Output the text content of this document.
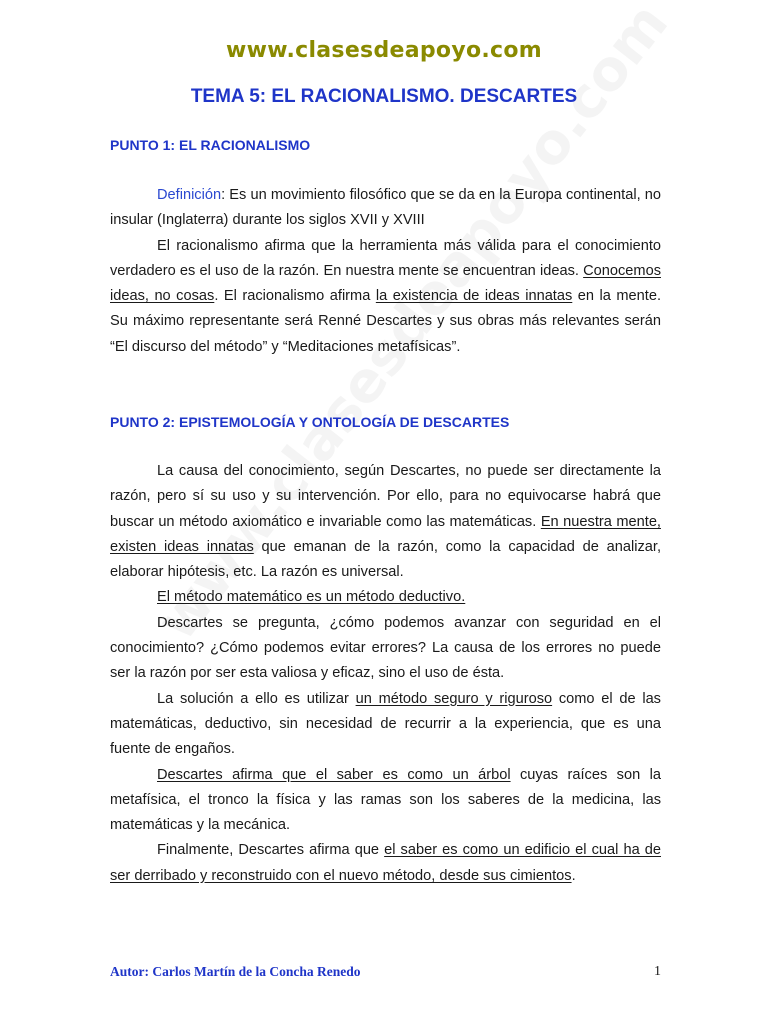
www.clasesdeapoyo.com
TEMA 5: EL RACIONALISMO. DESCARTES
PUNTO 1: EL RACIONALISMO

Definición: Es un movimiento filosófico que se da en la Europa continental, no insular (Inglaterra) durante los siglos XVII y XVIII

El racionalismo afirma que la herramienta más válida para el conocimiento verdadero es el uso de la razón. En nuestra mente se encuentran ideas. Conocemos ideas, no cosas. El racionalismo afirma la existencia de ideas innatas en la mente. Su máximo representante será Renné Descartes y sus obras más relevantes serán “El discurso del método” y “Meditaciones metafísicas”.

PUNTO 2: EPISTEMOLOGÍA Y ONTOLOGÍA DE DESCARTES

La causa del conocimiento, según Descartes, no puede ser directamente la razón, pero sí su uso y su intervención. Por ello, para no equivocarse habrá que buscar un método axiomático e invariable como las matemáticas. En nuestra mente, existen ideas innatas que emanan de la razón, como la capacidad de analizar, elaborar hipótesis, etc. La razón es universal.

El método matemático es un método deductivo.

Descartes se pregunta, ¿cómo podemos avanzar con seguridad en el conocimiento? ¿Cómo podemos evitar errores? La causa de los errores no puede ser la razón por ser esta valiosa y eficaz, sino el uso de ésta.

La solución a ello es utilizar un método seguro y riguroso como el de las matemáticas, deductivo, sin necesidad de recurrir a la experiencia, que es una fuente de engaños.

Descartes afirma que el saber es como un árbol cuyas raíces son la metafísica, el tronco la física y las ramas son los saberes de la medicina, las matemáticas y la mecánica.

Finalmente, Descartes afirma que el saber es como un edificio el cual ha de ser derribado y reconstruido con el nuevo método, desde sus cimientos.

Autor: Carlos Martín de la Concha Renedo	1
